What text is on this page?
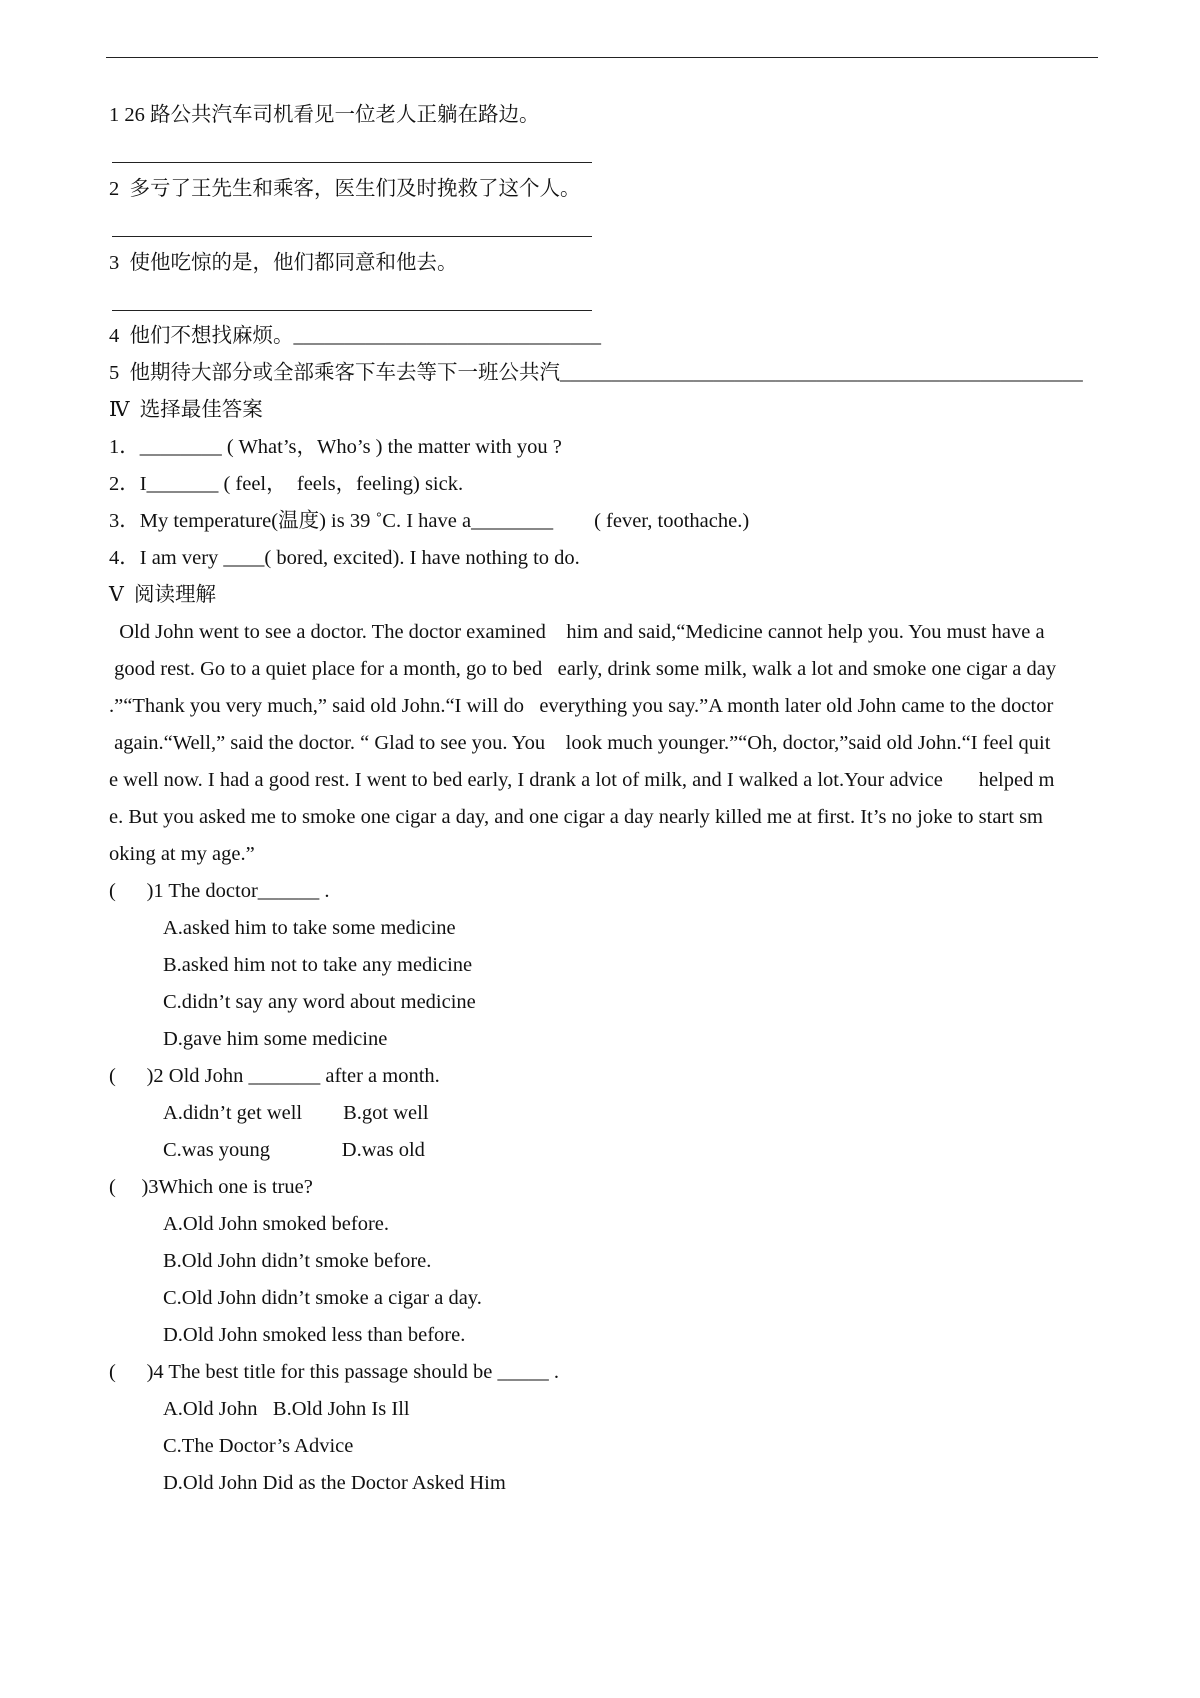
1 26 路公共汽车司机看见一位老人正躺在路边。
2  多亏了王先生和乘客，医生们及时挽救了这个人。
3  使他吃惊的是，他们都同意和他去。
4  他们不想找麻烦。______________________________
5  他期待大部分或全部乘客下车去等下一班公共汽___________________________________________________
Ⅳ  选择最佳答案
1．________ ( What’s，Who’s ) the matter with you ?
2．I_______ ( feel，  feels，feeling) sick.
3．My temperature(温度) is 39 ˚C. I have a________        ( fever, toothache.)
4．I am very ____( bored, excited). I have nothing to do.
Ⅴ  阅读理解
Old John went to see a doctor. The doctor examined    him and said,“Medicine cannot help you. You must have a
good rest. Go to a quiet place for a month, go to bed   early, drink some milk, walk a lot and smoke one cigar a day
.”“Thank you very much,” said old John.“I will do   everything you say.”A month later old John came to the doctor
again.“Well,” said the doctor. “ Glad to see you. You    look much younger.”“Oh, doctor,”said old John.“I feel quit
e well now. I had a good rest. I went to bed early, I drank a lot of milk, and I walked a lot.Your advice       helped m
e. But you asked me to smoke one cigar a day, and one cigar a day nearly killed me at first. It’s no joke to start sm
oking at my age.”
(      )1 The doctor______ .
A.asked him to take some medicine
B.asked him not to take any medicine
C.didn’t say any word about medicine
D.gave him some medicine
(      )2 Old John _______ after a month.
A.didn’t get well        B.got well
C.was young              D.was old
(     )3Which one is true?
A.Old John smoked before.
B.Old John didn’t smoke before.
C.Old John didn’t smoke a cigar a day.
D.Old John smoked less than before.
(      )4 The best title for this passage should be _____ .
A.Old John   B.Old John Is Ill
C.The Doctor’s Advice
D.Old John Did as the Doctor Asked Him
